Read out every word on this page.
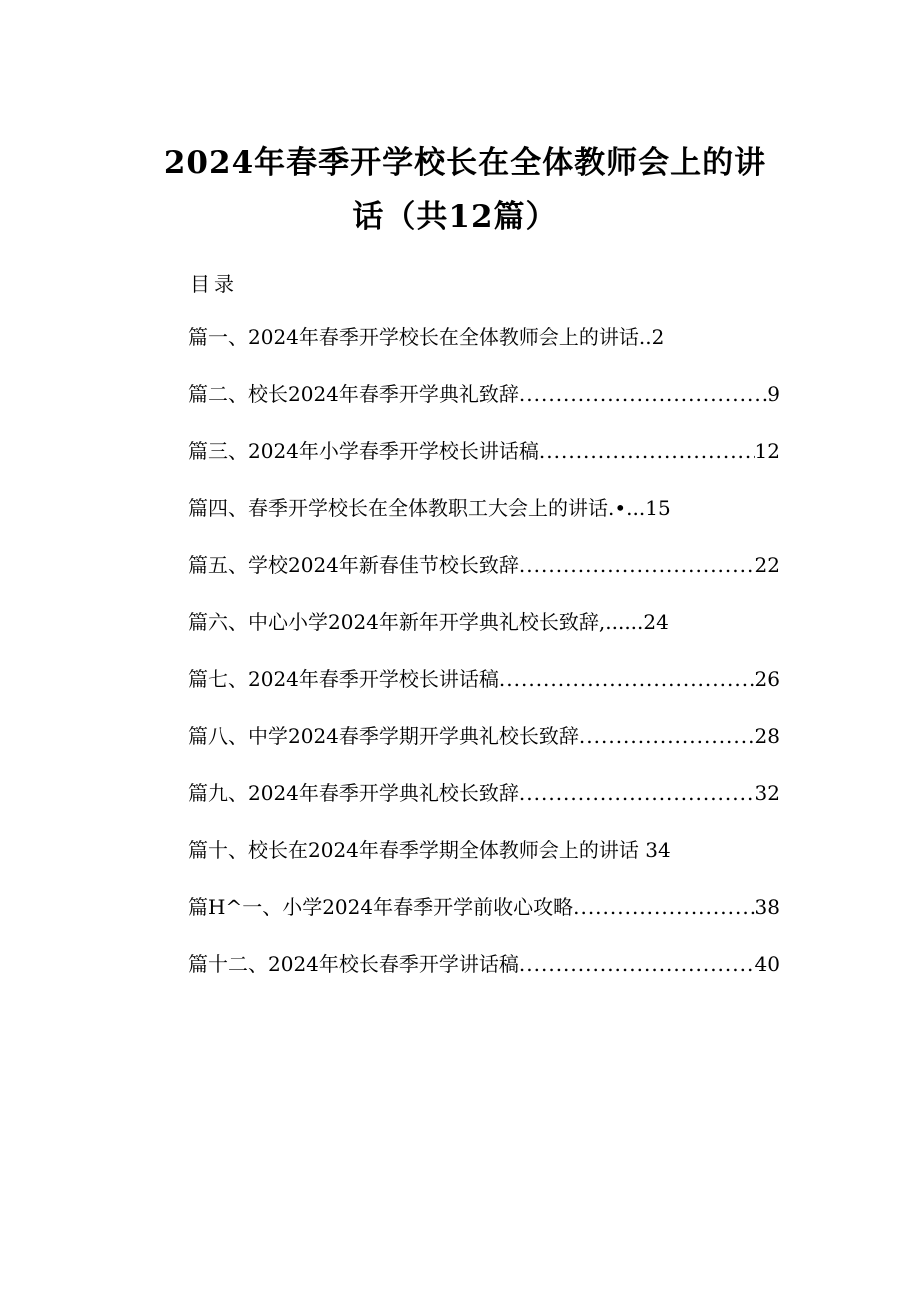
2024年春季开学校长在全体教师会上的讲
话（共12篇）
目录
篇一、2024年春季开学校长在全体教师会上的讲话..2
篇二、校长2024年春季开学典礼致辞 .....	9
篇三、2024年小学春季开学校长讲话稿 .....	12
篇四、春季开学校长在全体教职工大会上的讲话.•...15
篇五、学校2024年新春佳节校长致辞 .....	22
篇六、中心小学2024年新年开学典礼校长致辞,......24
篇七、2024年春季开学校长讲话稿 .....	26
篇八、中学2024春季学期开学典礼校长致辞 .....	28
篇九、2024年春季开学典礼校长致辞 .....	32
篇十、校长在2024年春季学期全体教师会上的讲话 34
篇H^一、小学2024年春季开学前收心攻略 .....	38
篇十二、2024年校长春季开学讲话稿 .....	40
